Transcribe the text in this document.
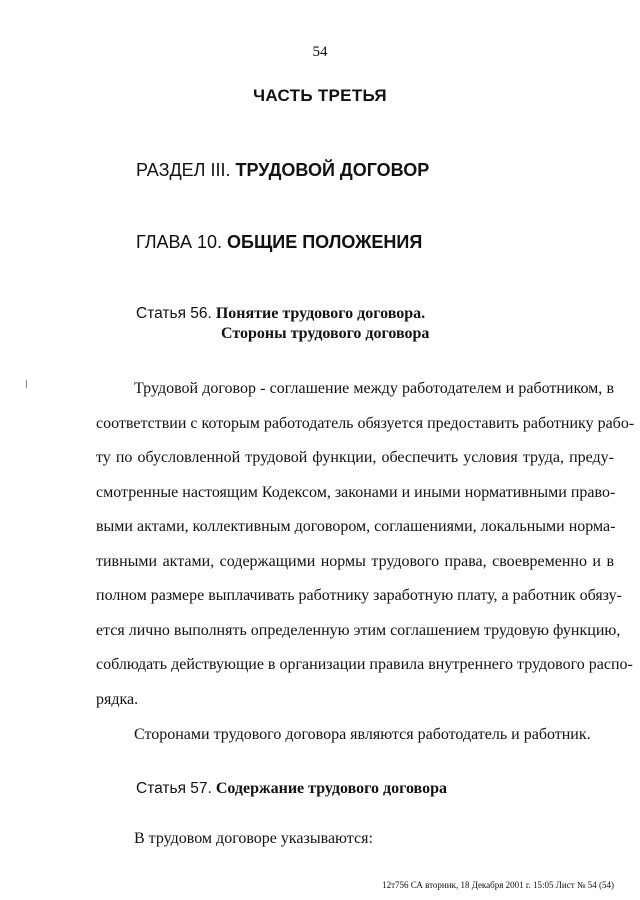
54
ЧАСТЬ ТРЕТЬЯ
РАЗДЕЛ III. ТРУДОВОЙ ДОГОВОР
ГЛАВА 10. ОБЩИЕ ПОЛОЖЕНИЯ
Статья 56. Понятие трудового договора.
Стороны трудового договора
Трудовой договор - соглашение между работодателем и работником, в
соответствии с которым работодатель обязуется предоставить работнику рабо-
ту по обусловленной трудовой функции, обеспечить условия труда, преду-
смотренные настоящим Кодексом, законами и иными нормативными право-
выми актами, коллективным договором, соглашениями, локальными норма-
тивными актами, содержащими нормы трудового права, своевременно и в
полном размере выплачивать работнику заработную плату, а работник обязу-
ется лично выполнять определенную этим соглашением трудовую функцию,
соблюдать действующие в организации правила внутреннего трудового распо-
рядка.
Сторонами трудового договора являются работодатель и работник.
Статья 57. Содержание трудового договора
В трудовом договоре указываются:
12т756 СА вторник, 18 Декабря 2001 г. 15:05 Лист № 54 (54)
